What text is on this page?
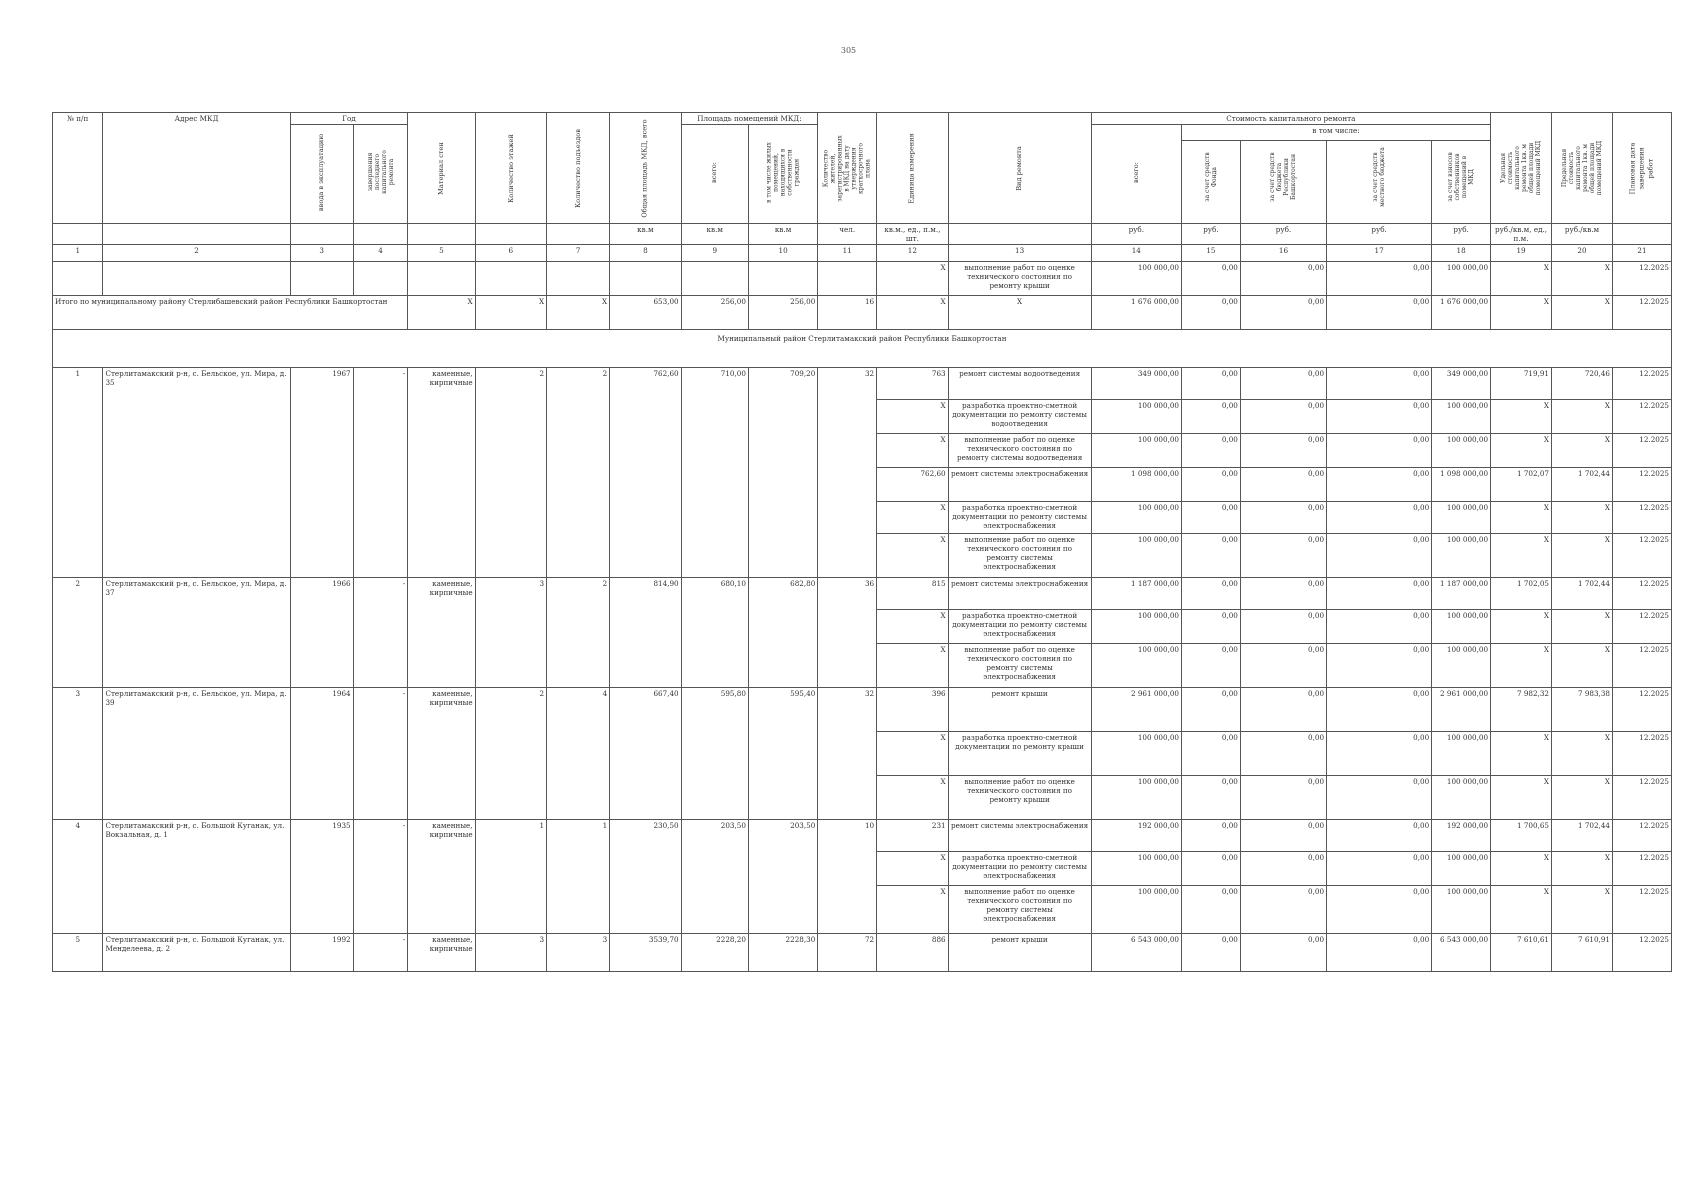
305
№ п/п	Адрес МКД	Год		Материал стен	Количество этажей	Количество подъездов	Общая площадь МКД, всего	Площадь помещений МКД:		Количество жителей, зарегистрированных в МКД на дату утверждения краткосрочного плана	Единица измерения	Вид ремонта	Стоимость капитального ремонта					Удельная стоимость капитального ремонта 1кв. м общей площади помещений МКД	Предельная стоимость капитального ремонта 1кв. м общей площади помещений МКД	Плановая дата завершения работ

		ввода в эксплуатацию	завершения последнего капитального ремонта					всего:	в том числе жилых помещений, находящихся в собственности граждан				всего:	в том числе:						

														за счет средств Фонда	за счет средств бюджета Республики Башкортостан	за счет средств местного бюджета	за счет взносов собственников помещений в МКД			

							кв.м	кв.м	кв.м	чел.	кв.м., ед., п.м., шт.		руб.	руб.	руб.	руб.	руб.	руб./кв.м, ед., п.м.	руб./кв.м	
1	2	3	4	5	6	7	8	9	10	11	12	13	14	15	16	17	18	19	20	21
											X	выполнение работ по оценке технического состояния по ремонту крыши	100 000,00	0,00	0,00	0,00	100 000,00	X	X	12.2025
Итого по муниципальному району Стерлибашевский район Республики Башкортостан				X	X	X	653,00	256,00	256,00	16	X	X	1 676 000,00	0,00	0,00	0,00	1 676 000,00	X	X	12.2025
Муниципальный район Стерлитамакский район Республики Башкортостан																				
1	Стерлитамакский р-н, с. Бельское, ул. Мира, д. 35	1967	-	каменные, кирпичные	2	2	762,60	710,00	709,20	32	763	ремонт системы водоотведения	349 000,00	0,00	0,00	0,00	349 000,00	719,91	720,46	12.2025
											X	разработка проектно-сметной документации по ремонту системы водоотведения	100 000,00	0,00	0,00	0,00	100 000,00	X	X	12.2025
											X	выполнение работ по оценке технического состояния по ремонту системы водоотведения	100 000,00	0,00	0,00	0,00	100 000,00	X	X	12.2025
											762,60	ремонт системы электроснабжения	1 098 000,00	0,00	0,00	0,00	1 098 000,00	1 702,07	1 702,44	12.2025
											X	разработка проектно-сметной документации по ремонту системы электроснабжения	100 000,00	0,00	0,00	0,00	100 000,00	X	X	12.2025
											X	выполнение работ по оценке технического состояния по ремонту системы электроснабжения	100 000,00	0,00	0,00	0,00	100 000,00	X	X	12.2025
2	Стерлитамакский р-н, с. Бельское, ул. Мира, д. 37	1966	-	каменные, кирпичные	3	2	814,90	680,10	682,80	36	815	ремонт системы электроснабжения	1 187 000,00	0,00	0,00	0,00	1 187 000,00	1 702,05	1 702,44	12.2025
											X	разработка проектно-сметной документации по ремонту системы электроснабжения	100 000,00	0,00	0,00	0,00	100 000,00	X	X	12.2025
											X	выполнение работ по оценке технического состояния по ремонту системы электроснабжения	100 000,00	0,00	0,00	0,00	100 000,00	X	X	12.2025
3	Стерлитамакский р-н, с. Бельское, ул. Мира, д. 39	1964	-	каменные, кирпичные	2	4	667,40	595,80	595,40	32	396	ремонт крыши	2 961 000,00	0,00	0,00	0,00	2 961 000,00	7 982,32	7 983,38	12.2025
											X	разработка проектно-сметной документации по ремонту крыши	100 000,00	0,00	0,00	0,00	100 000,00	X	X	12.2025
											X	выполнение работ по оценке технического состояния по ремонту крыши	100 000,00	0,00	0,00	0,00	100 000,00	X	X	12.2025
4	Стерлитамакский р-н, с. Большой Куганак, ул. Вокзальная, д. 1	1935	-	каменные, кирпичные	1	1	230,50	203,50	203,50	10	231	ремонт системы электроснабжения	192 000,00	0,00	0,00	0,00	192 000,00	1 700,65	1 702,44	12.2025
											X	разработка проектно-сметной документации по ремонту системы электроснабжения	100 000,00	0,00	0,00	0,00	100 000,00	X	X	12.2025
											X	выполнение работ по оценке технического состояния по ремонту системы электроснабжения	100 000,00	0,00	0,00	0,00	100 000,00	X	X	12.2025
5	Стерлитамакский р-н, с. Большой Куганак, ул. Менделеева, д. 2	1992	-	каменные, кирпичные	3	3	3539,70	2228,20	2228,30	72	886	ремонт крыши	6 543 000,00	0,00	0,00	0,00	6 543 000,00	7 610,61	7 610,91	12.2025
